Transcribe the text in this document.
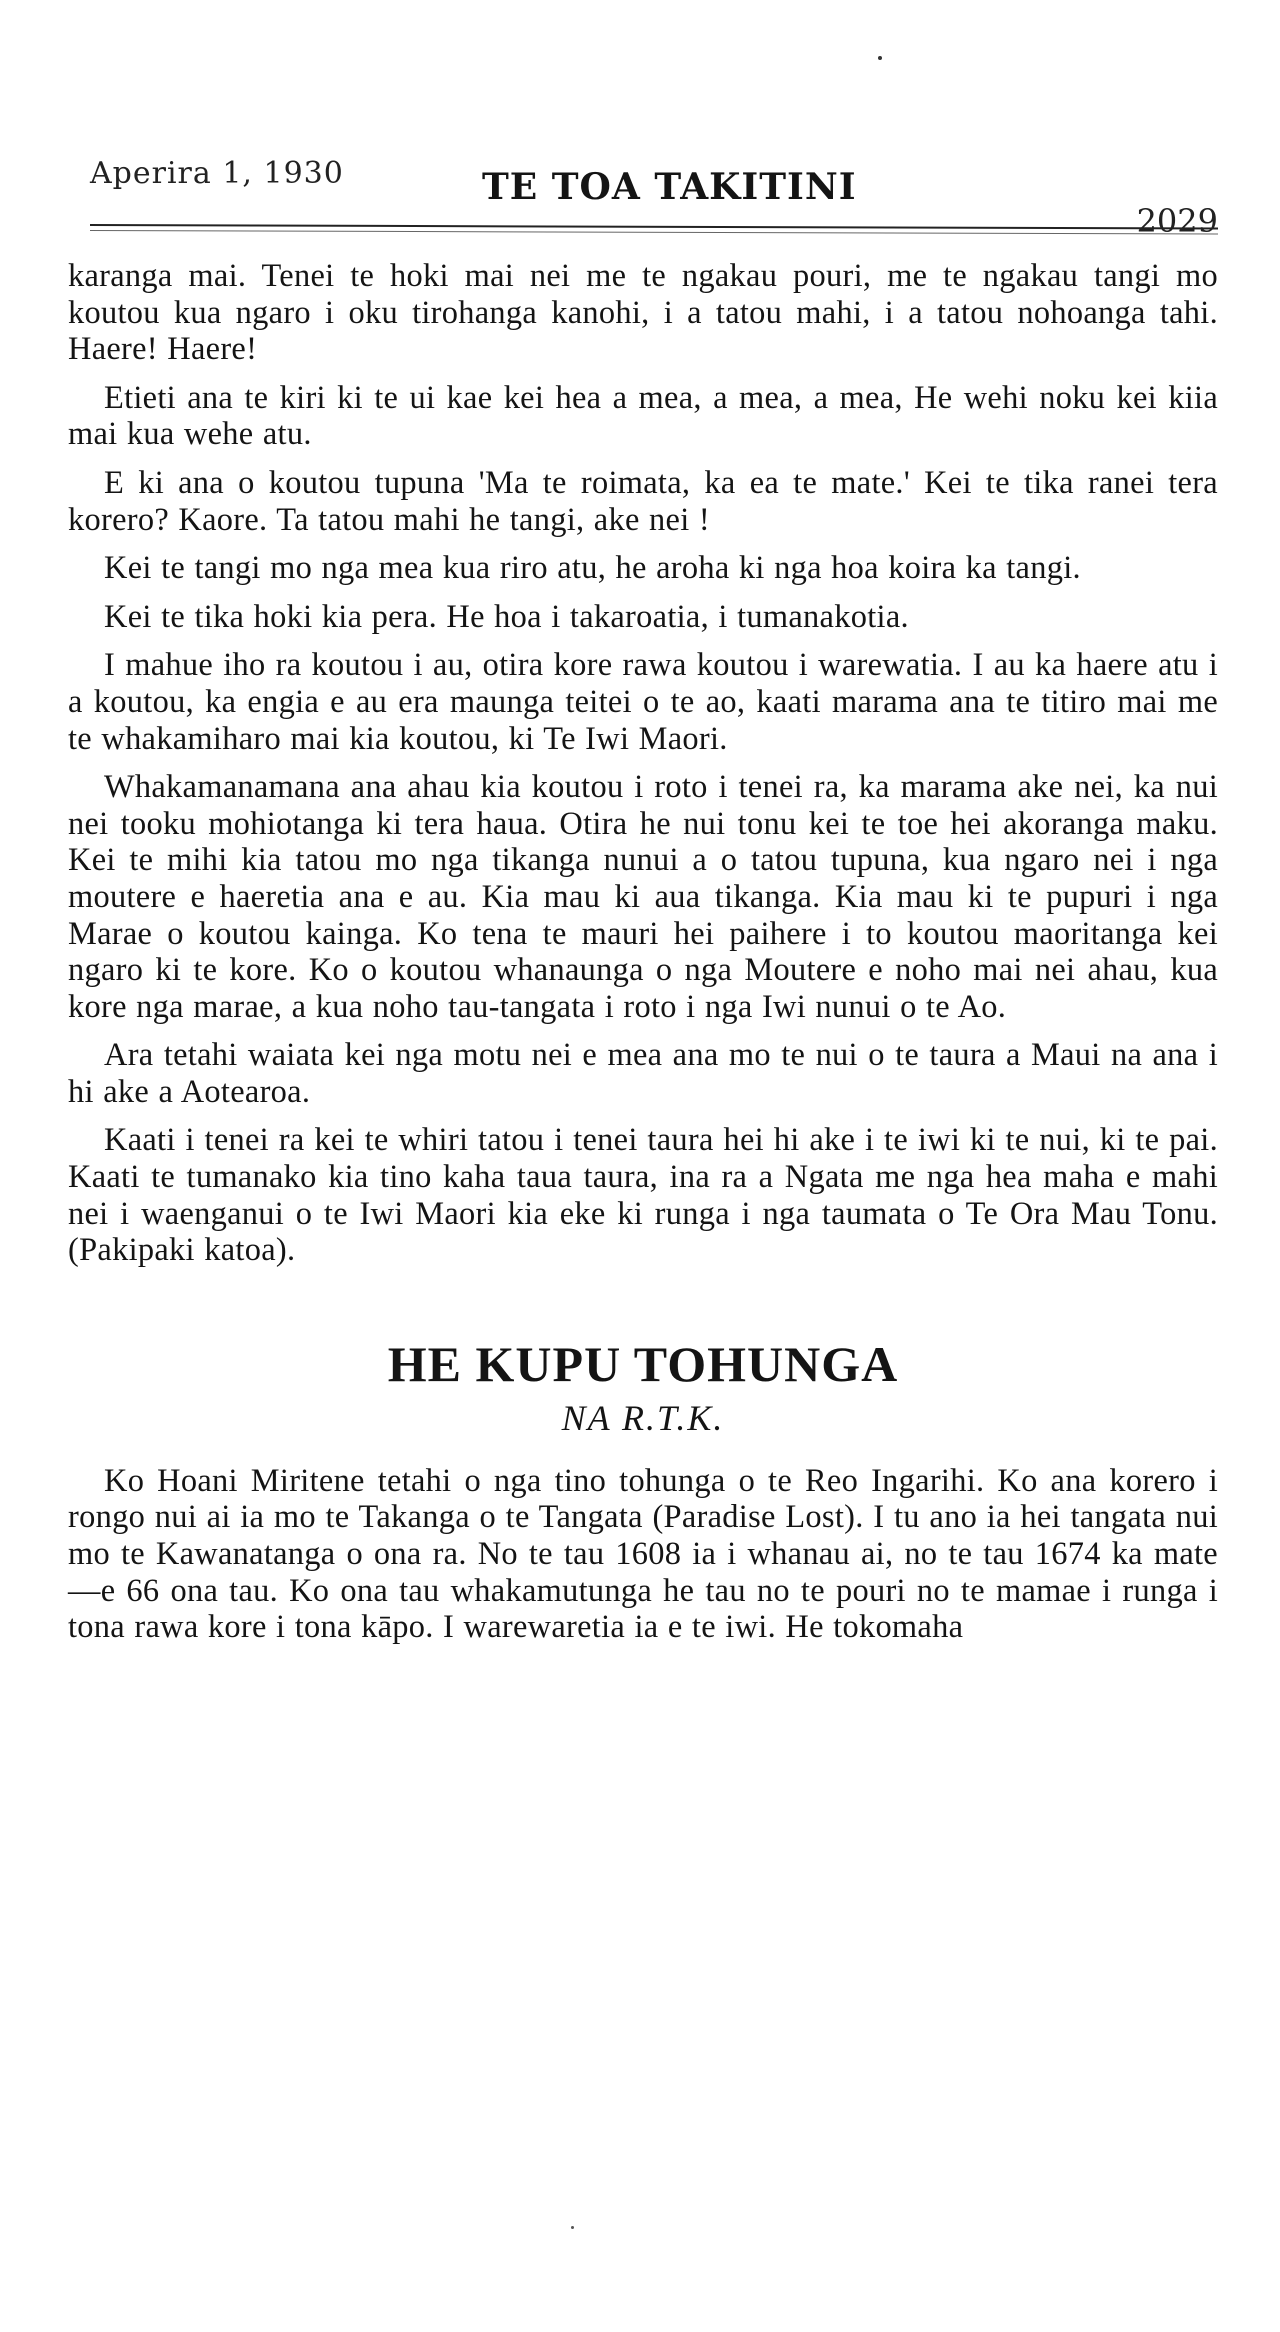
Aperira 1, 1930	TE TOA TAKITINI
2029

karanga mai. Tenei te hoki mai nei me te ngakau pouri, me te ngakau tangi mo koutou kua ngaro i oku tirohanga kanohi, i a tatou mahi, i a tatou nohoanga tahi. Haere! Haere!

Etieti ana te kiri ki te ui kae kei hea a mea, a mea, a mea, He wehi noku kei kiia mai kua wehe atu.

E ki ana o koutou tupuna 'Ma te roimata, ka ea te mate.' Kei te tika ranei tera korero? Kaore. Ta tatou mahi he tangi, ake nei !

Kei te tangi mo nga mea kua riro atu, he aroha ki nga hoa koira ka tangi.

Kei te tika hoki kia pera. He hoa i takaroatia, i tumanakotia.

I mahue iho ra koutou i au, otira kore rawa koutou i warewatia. I au ka haere atu i a koutou, ka engia e au era maunga teitei o te ao, kaati marama ana te titiro mai me te whakamiharo mai kia koutou, ki Te Iwi Maori.

Whakamanamana ana ahau kia koutou i roto i tenei ra, ka marama ake nei, ka nui nei tooku mohiotanga ki tera haua. Otira he nui tonu kei te toe hei akoranga maku. Kei te mihi kia tatou mo nga tikanga nunui a o tatou tupuna, kua ngaro nei i nga moutere e haeretia ana e au. Kia mau ki aua tikanga. Kia mau ki te pupuri i nga Marae o koutou kainga. Ko tena te mauri hei paihere i to koutou maoritanga kei ngaro ki te kore. Ko o koutou whanaunga o nga Moutere e noho mai nei ahau, kua kore nga marae, a kua noho tau-tangata i roto i nga Iwi nunui o te Ao.

Ara tetahi waiata kei nga motu nei e mea ana mo te nui o te taura a Maui na ana i hi ake a Aotearoa.

Kaati i tenei ra kei te whiri tatou i tenei taura hei hi ake i te iwi ki te nui, ki te pai. Kaati te tumanako kia tino kaha taua taura, ina ra a Ngata me nga hea maha e mahi nei i waenganui o te Iwi Maori kia eke ki runga i nga taumata o Te Ora Mau Tonu. (Pakipaki katoa).

HE KUPU TOHUNGA
NA R.T.K.

Ko Hoani Miritene tetahi o nga tino tohunga o te Reo Ingarihi. Ko ana korero i rongo nui ai ia mo te Takanga o te Tangata (Paradise Lost). I tu ano ia hei tangata nui mo te Kawanatanga o ona ra. No te tau 1608 ia i whanau ai, no te tau 1674 ka mate—e 66 ona tau. Ko ona tau whakamutunga he tau no te pouri no te mamae i runga i tona rawa kore i tona kāpo. I warewaretia ia e te iwi. He tokomaha
